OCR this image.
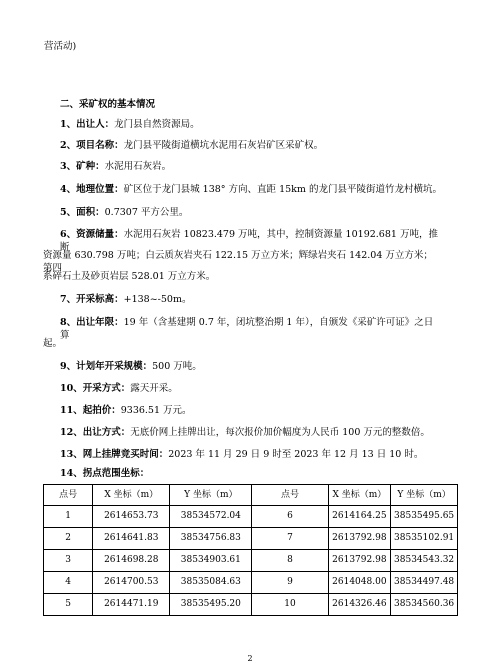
营活动)
二、采矿权的基本情况
1、出让人：龙门县自然资源局。
2、项目名称：龙门县平陵街道横坑水泥用石灰岩矿区采矿权。
3、矿种：水泥用石灰岩。
4、地理位置：矿区位于龙门县城 138° 方向、直距 15km 的龙门县平陵街道竹龙村横坑。
5、面积：0.7307 平方公里。
6、资源储量：水泥用石灰岩 10823.479 万吨，其中，控制资源量 10192.681 万吨，推断
资源量 630.798 万吨；白云质灰岩夹石 122.15 万立方米；辉绿岩夹石 142.04 万立方米；第四
系碎石土及砂页岩层 528.01 万立方米。
7、开采标高：+138~-50m。
8、出让年限：19 年（含基建期 0.7 年，闭坑整治期 1 年），自颁发《采矿许可证》之日算
起。
9、计划年开采规模：500 万吨。
10、开采方式：露天开采。
11、起拍价：9336.51 万元。
12、出让方式：无底价网上挂牌出让，每次报价加价幅度为人民币 100 万元的整数倍。
13、网上挂牌竞买时间：2023 年 11 月 29 日 9 时至 2023 年 12 月 13 日 10 时。
14、拐点范围坐标：
点号	X 坐标（m）	Y 坐标（m）	点号	X 坐标（m）	Y 坐标（m）
1	2614653.73	38534572.04	6	2614164.25	38535495.65
2	2614641.83	38534756.83	7	2613792.98	38535102.91
3	2614698.28	38534903.61	8	2613792.98	38534543.32
4	2614700.53	38535084.63	9	2614048.00	38534497.48
5	2614471.19	38535495.20	10	2614326.46	38534560.36
2
